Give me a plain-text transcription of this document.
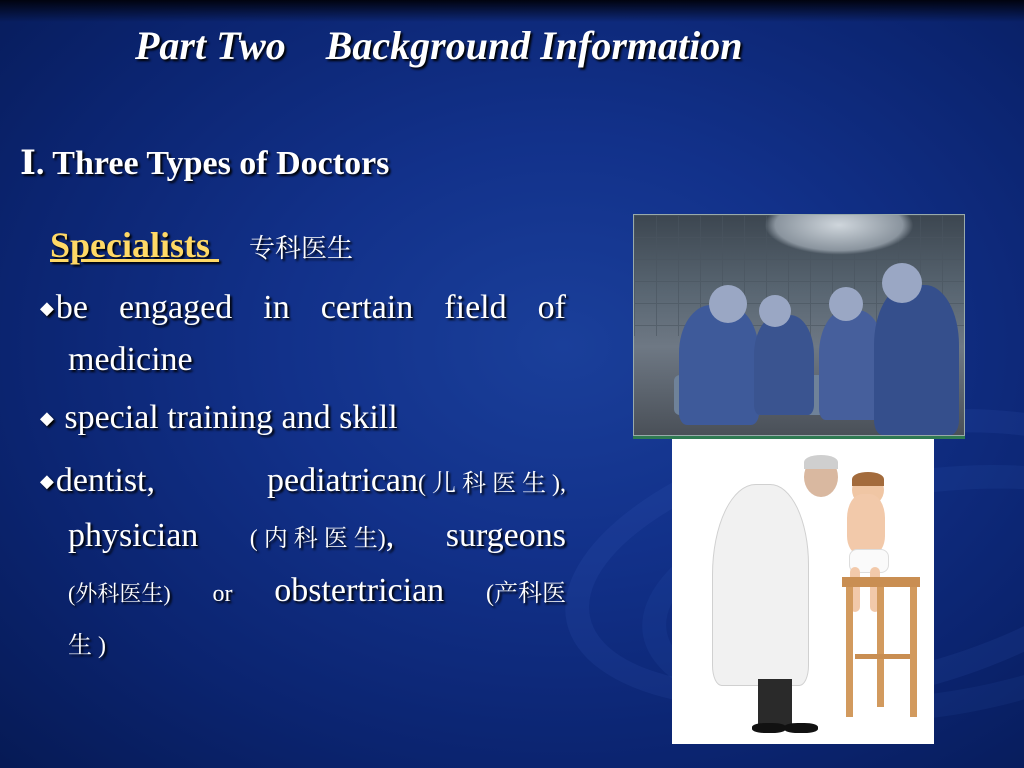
Part Two    Background Information
Ⅰ. Three Types of Doctors
Specialists 专科医生
◆be engaged in certain field of
medicine
◆ special training and skill
◆dentist,	pediatrican( 儿 科 医 生 ),
physician ( 内 科 医 生), surgeons
(外科医生) or obstertrician (产科医
生 )
